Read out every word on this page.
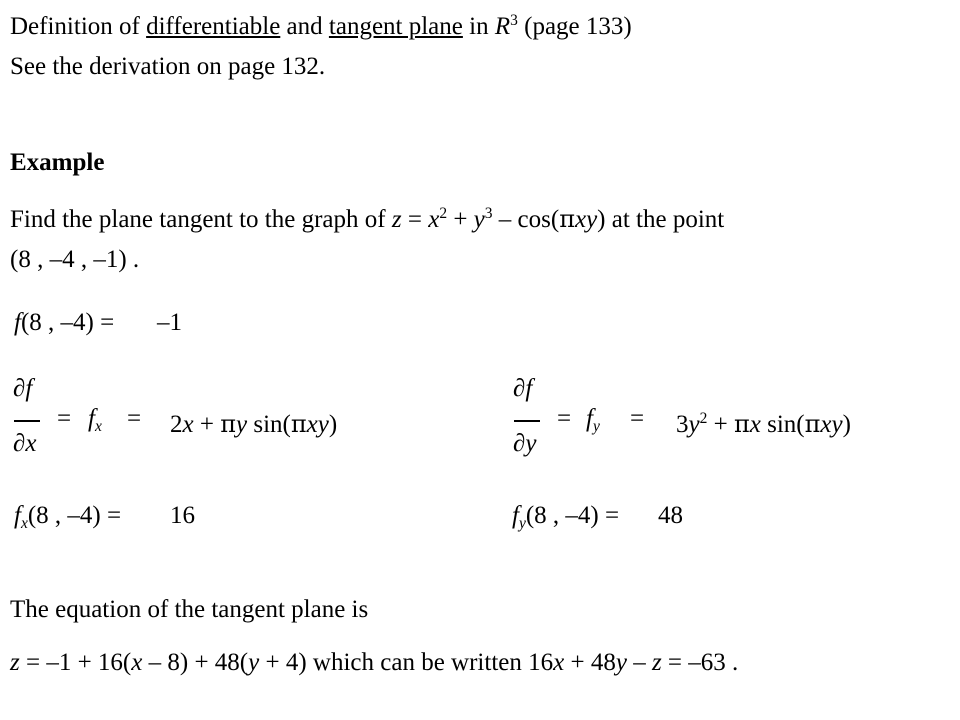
Definition of differentiable and tangent plane in $R^3$ (page 133)
See the derivation on page 132.
Example
Find the plane tangent to the graph of $z = x^2 + y^3 - \cos(\pi xy)$ at the point
(8 , –4 , –1) .
f(8 , –4) = –1
∂f
∂x
= $f_x = 2x + \pi y$ sin(πxy)
∂f
∂y
= $f_y = 3y^2 + \pi x$ sin(πxy)
$f_x(8$ , –4) = 16	$f_y(8$ , –4) = 48
The equation of the tangent plane is
z = –1 + 16(x – 8) + 48(y + 4) which can be written 16x + 48y – z = –63 .
